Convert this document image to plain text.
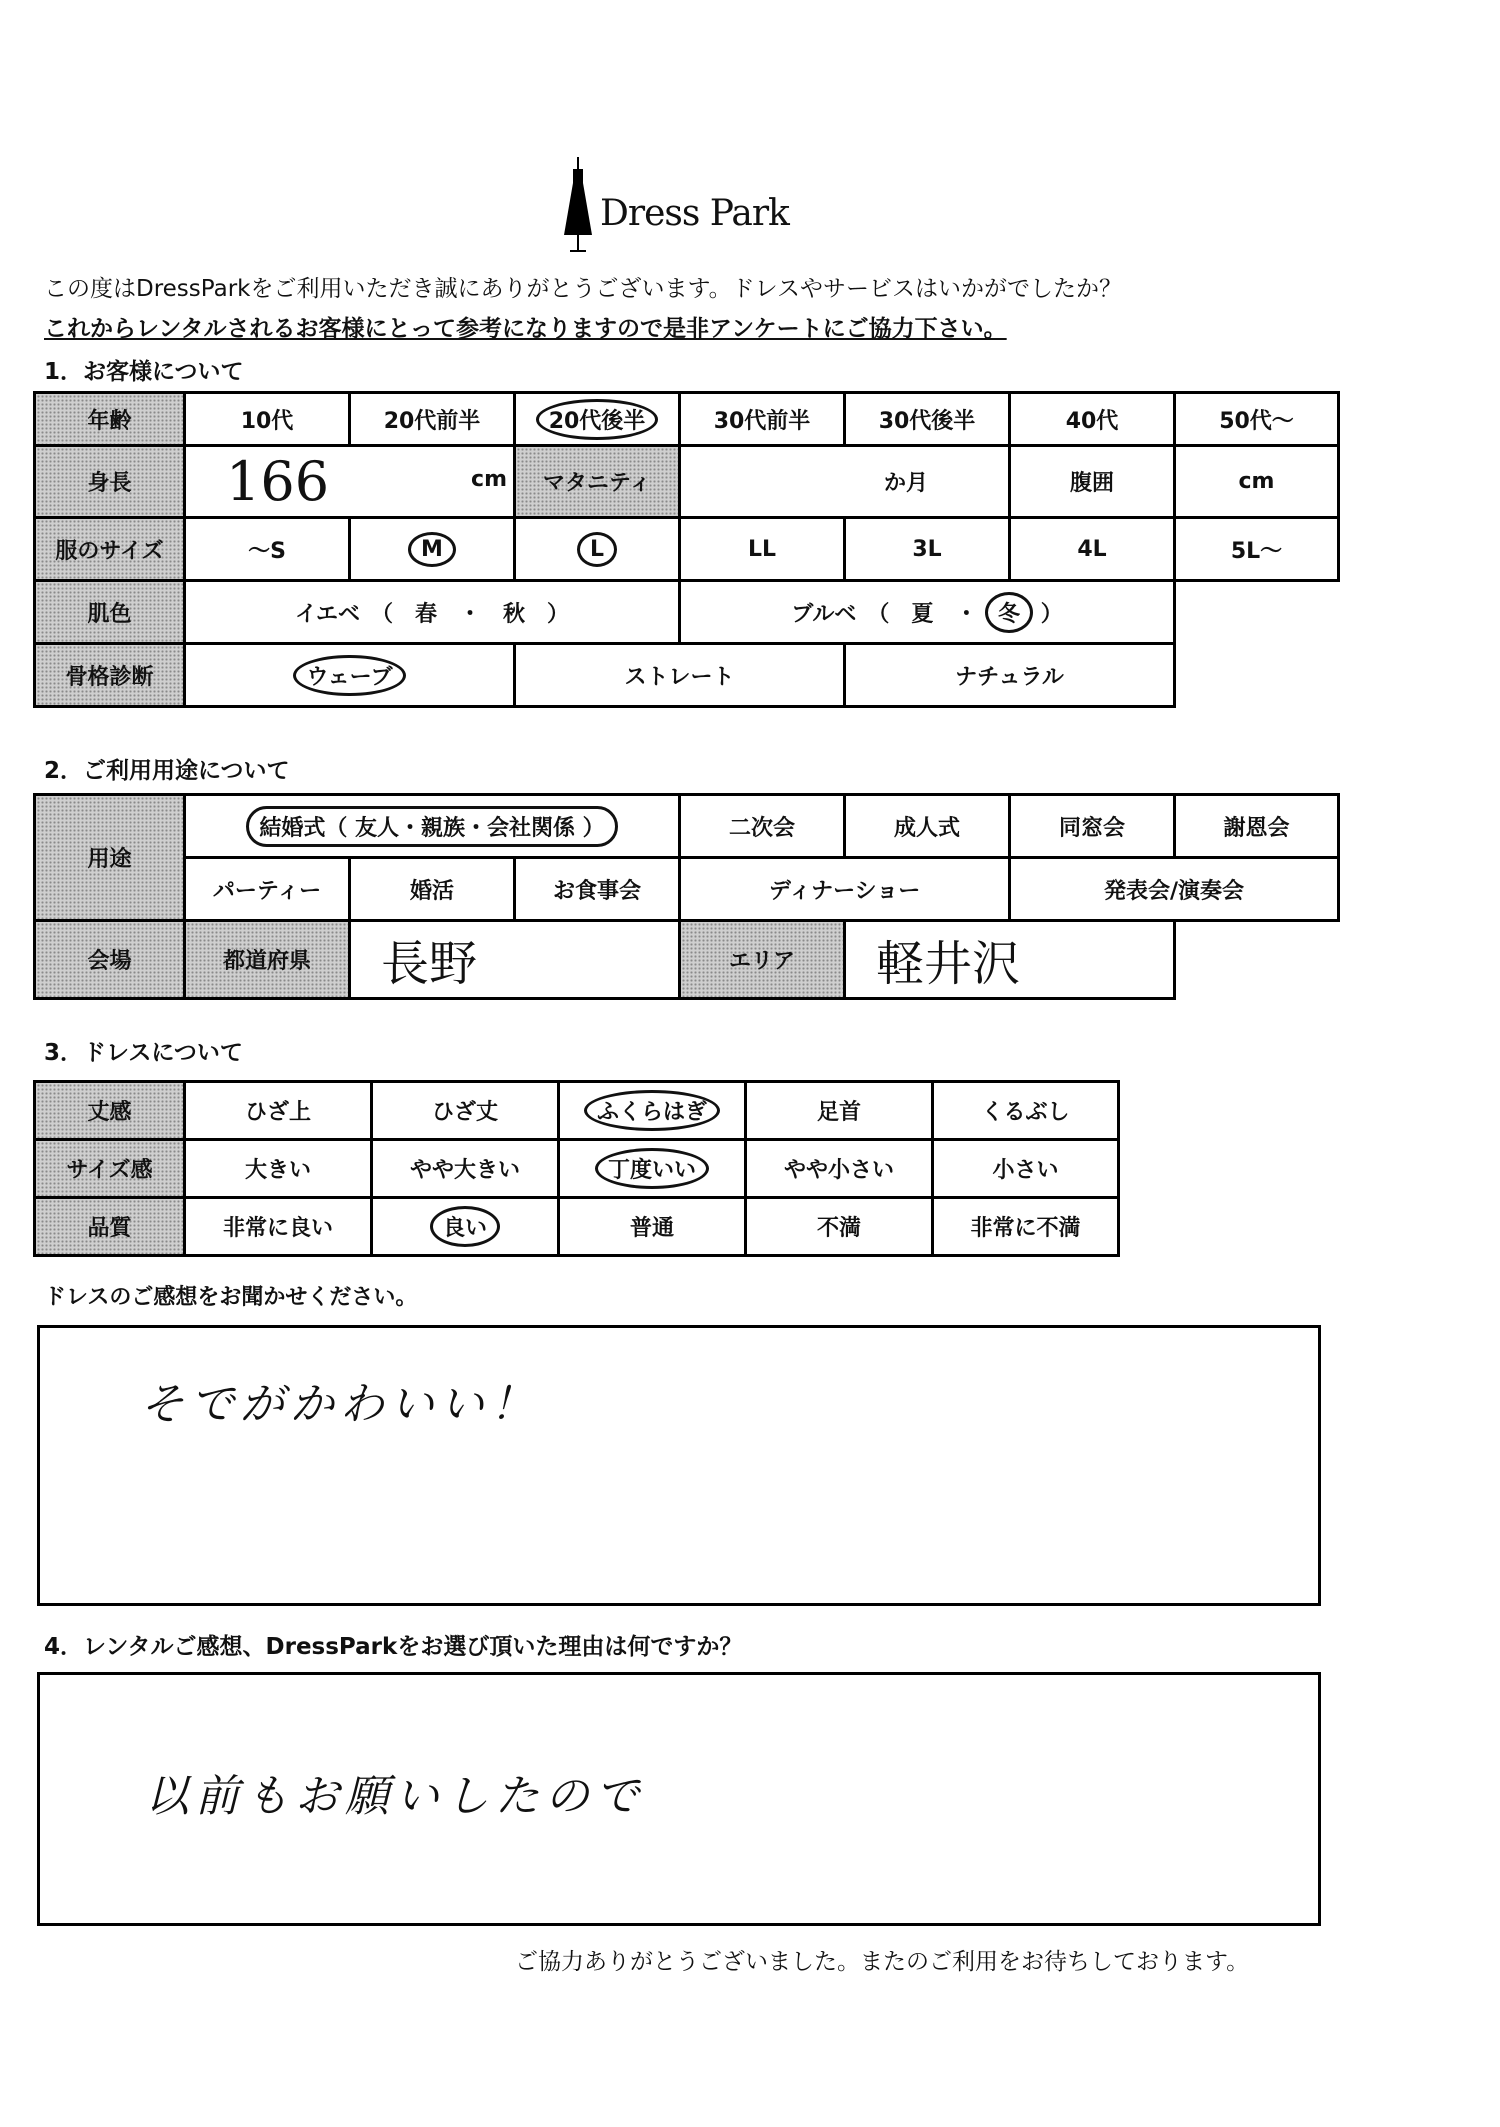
Dress Park
この度はDressParkをご利用いただき誠にありがとうございます。ドレスやサービスはいかがでしたか？
これからレンタルされるお客様にとって参考になりますので是非アンケートにご協力下さい。
1．お客様について
年齢	10代	20代前半	20代後半	30代前半	30代後半	40代	50代～
身長	166 cm		マタニティ	か月		腹囲	cm
服のサイズ	～S	M	L	LL	3L	4L	5L～
肌色	イエベ　（　春　・　秋　）			ブルベ　（　夏　・ 冬 ）			
骨格診断	ウェーブ		ストレート		ナチュラル		
2．ご利用用途について
用途	結婚式（ 友人・親族・会社関係 ）			二次会	成人式	同窓会	謝恩会
	パーティー	婚活	お食事会	ディナーショー		発表会/演奏会	
会場	都道府県	長野		エリア	軽井沢		
3．ドレスについて
丈感	ひざ上	ひざ丈	ふくらはぎ	足首	くるぶし
サイズ感	大きい	やや大きい	丁度いい	やや小さい	小さい
品質	非常に良い	良い	普通	不満	非常に不満
ドレスのご感想をお聞かせください。
そでがかわいい！
4．レンタルご感想、DressParkをお選び頂いた理由は何ですか？
以前もお願いしたので
ご協力ありがとうございました。またのご利用をお待ちしております。
